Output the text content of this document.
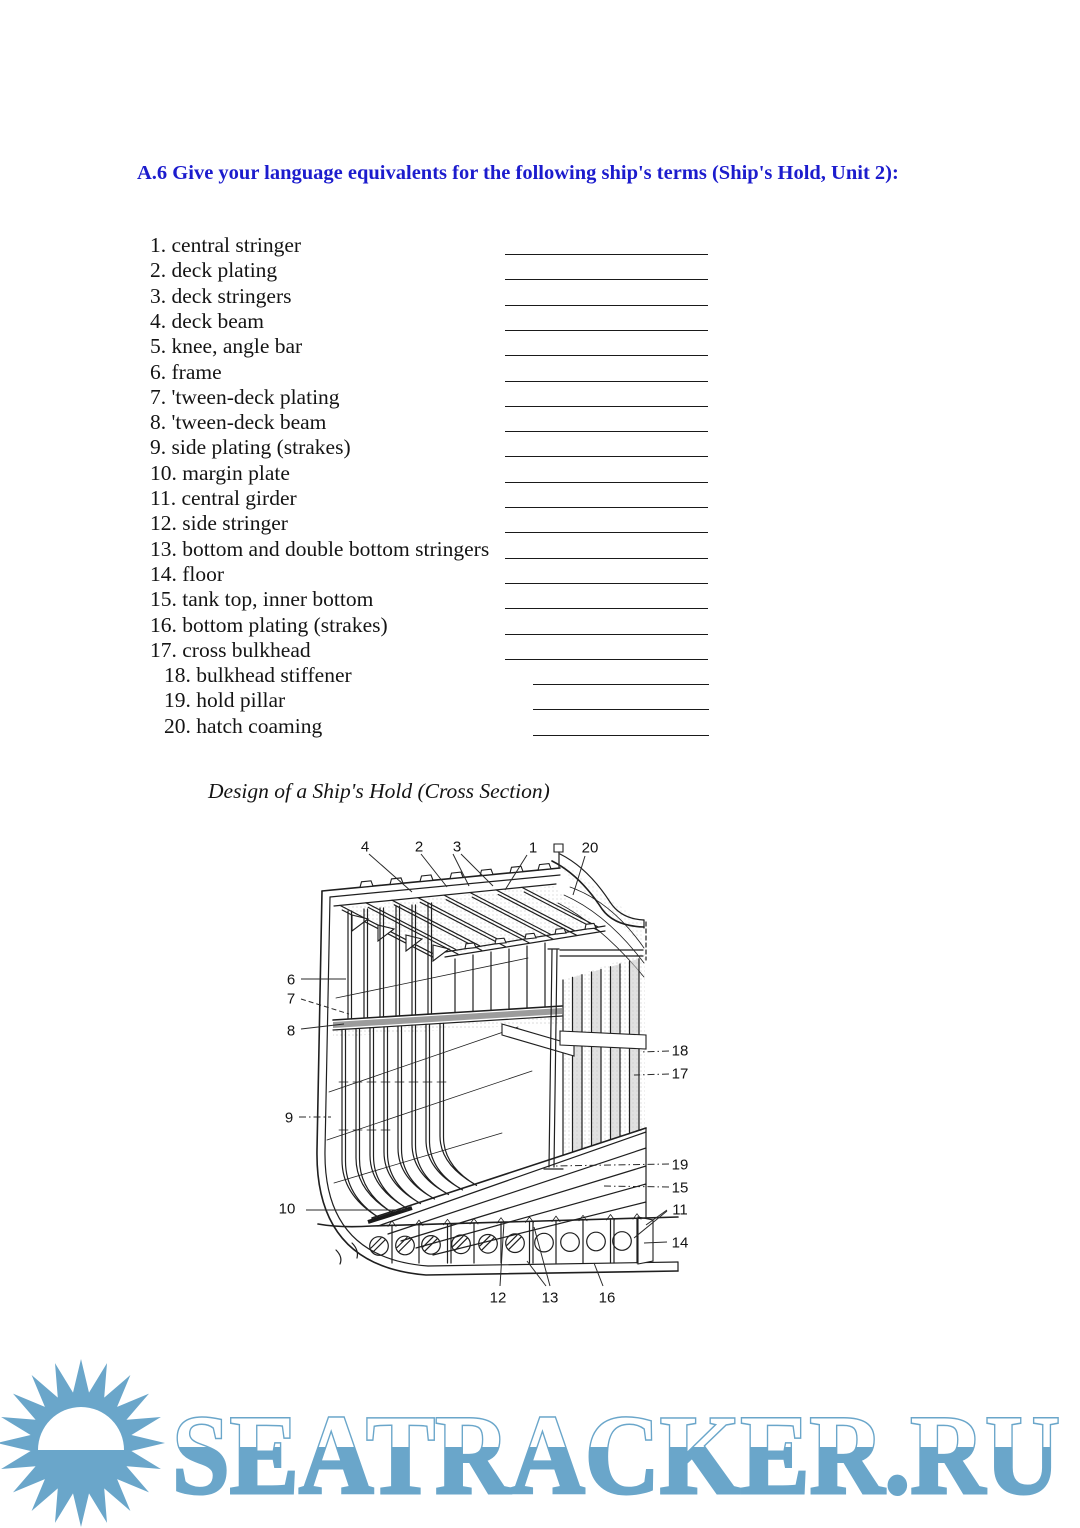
A.6 Give your language equivalents for the following ship's terms (Ship's Hold, Unit 2):
1. central stringer
2. deck plating
3. deck stringers
4. deck beam
5. knee, angle bar
6. frame
7. 'tween-deck plating
8. 'tween-deck beam
9. side plating (strakes)
10. margin plate
11. central girder
12. side stringer
13. bottom and double bottom stringers
14. floor
15. tank top, inner bottom
16. bottom plating (strakes)
17. cross bulkhead
18. bulkhead stiffener
19. hold pillar
20. hatch coaming
Design of a Ship's Hold (Cross Section)
4	2 3	1	20
6
7
8
9
10
18
17
19
15
11
14
12 13	16
SEATRACKER.RU
